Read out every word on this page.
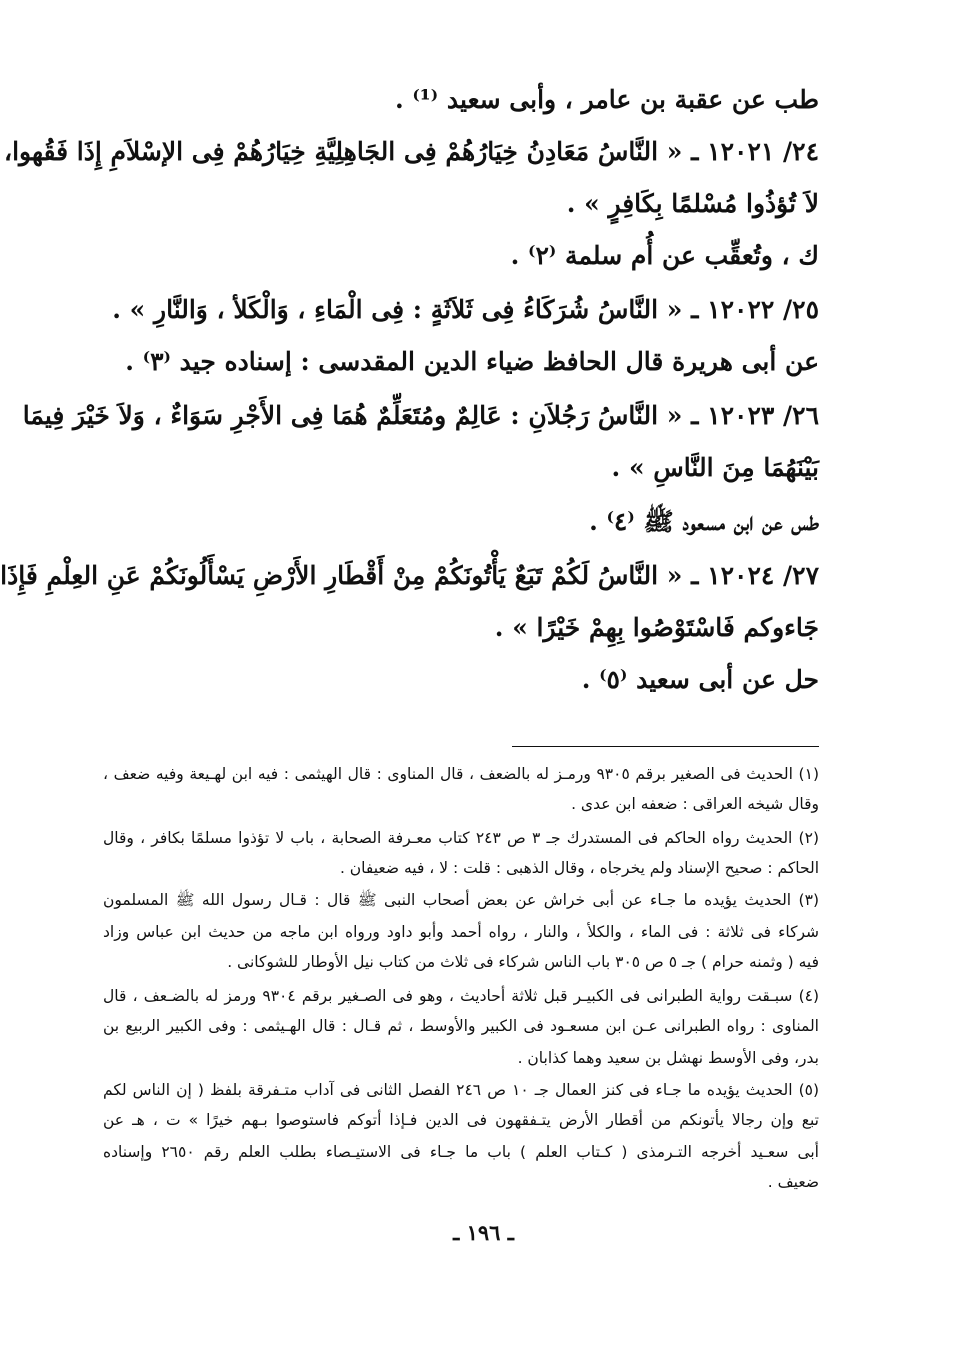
طب عن عقبة بن عامر ، وأبى سعيد ⁽¹⁾ .
٢٤/ ١٢٠٢١ ـ « النَّاسُ مَعَادِنُ خِيَارُهُمْ فِى الجَاهِلِيَّةِ خِيَارُهُمْ فِى الإسْلاَمِ إِذَا فَقُهوا،
لاَ تُؤذُوا مُسْلمًا بِكَافِرٍ » .
ك ، وتُعقِّب عن أُم سلمة ⁽٢⁾ .
٢٥/ ١٢٠٢٢ ـ « النَّاسُ شُرَكَاءُ فِى ثَلاَثَةٍ : فِى الْمَاءِ ، وَالْكَلأ ، وَالنَّارِ » .
عن أبى هريرة قال الحافظ ضياء الدين المقدسى : إسناده جيد ⁽٣⁾ .
٢٦/ ١٢٠٢٣ ـ « النَّاسُ رَجُلاَنِ : عَالِمٌ ومُتَعَلِّمٌ هُمَا فِى الأَجْرِ سَوَاءٌ ، وَلاَ خَيْرَ فِيمَا
بَيْنَهُمَا مِنَ النَّاسِ » .
طس عن ابن مسعود ﷺ ⁽٤⁾ .
٢٧/ ١٢٠٢٤ ـ « النَّاسُ لَكُمْ تَبَعٌ يَأْتُونَكُمْ مِنْ أَقْطَارِ الأَرْضِ يَسْأَلُونَكُمْ عَنِ العِلْمِ فَإِذَا
جَاءوكم فَاسْتَوْصُوا بِهِمْ خَيْرًا » .
حل عن أبى سعيد ⁽٥⁾ .
(١) الحديث فى الصغير برقم ٩٣٠٥ ورمـز له بالضعف ، قال المناوى : قال الهيثمى : فيه ابن لهـيعة وفيه ضعف ،
وقال شيخه العراقى : ضعفه ابن عدى .
(٢) الحديث رواه الحاكم فى المستدرك جـ ٣ ص ٢٤٣ كتاب معـرفة الصحابة ، باب لا تؤذوا مسلمًا بكافر ، وقال
الحاكم : صحيح الإسناد ولم يخرجاه ، وقال الذهبى : قلت : لا ، فيه ضعيفان .
(٣) الحديث يؤيده ما جـاء عن أبى خراش عن بعض أصحاب النبى ﷺ قال : قـال رسول الله ﷺ المسلمون
شركاء فى ثلاثة : فى الماء ، والكلأ ، والنار ، رواه أحمد وأبو داود ورواه ابن ماجه من حديث ابن عباس وزاد
فيه ( وثمنه حرام ) جـ ٥ ص ٣٠٥ باب الناس شركاء فى ثلاث من كتاب نيل الأوطار للشوكانى .
(٤) سبـقت رواية الطبرانى فى الكبيـر قبل ثلاثة أحاديث ، وهو فى الصـغير برقم ٩٣٠٤ ورمز له بالضـعف ، قال
المناوى : رواه الطبرانى عـن ابن مسعـود فى الكبير والأوسط ، ثم قـال : قال الهـيثمى : وفى الكبير الربيع بن
بدر، وفى الأوسط نهشل بن سعيد وهما كذابان .
(٥) الحديث يؤيده ما جـاء فى كنز العمال جـ ١٠ ص ٢٤٦ الفصل الثانى فى آداب متـفرقة بلفظ ( إن الناس لكم
تبع وإن رجالا يأتونكم من أقطار الأرض يتـفقهون فى الدين فـإذا أتوكم فاستوصوا بـهم خيرًا » ت ، هـ عن
أبى سعـيد أخرجه التـرمذى ( كـتاب العلم ) باب ما جـاء فى الاستيـصاء بطلب العلم رقم ٢٦٥٠ وإسناده
ضعيف .
ـ ١٩٦ ـ
